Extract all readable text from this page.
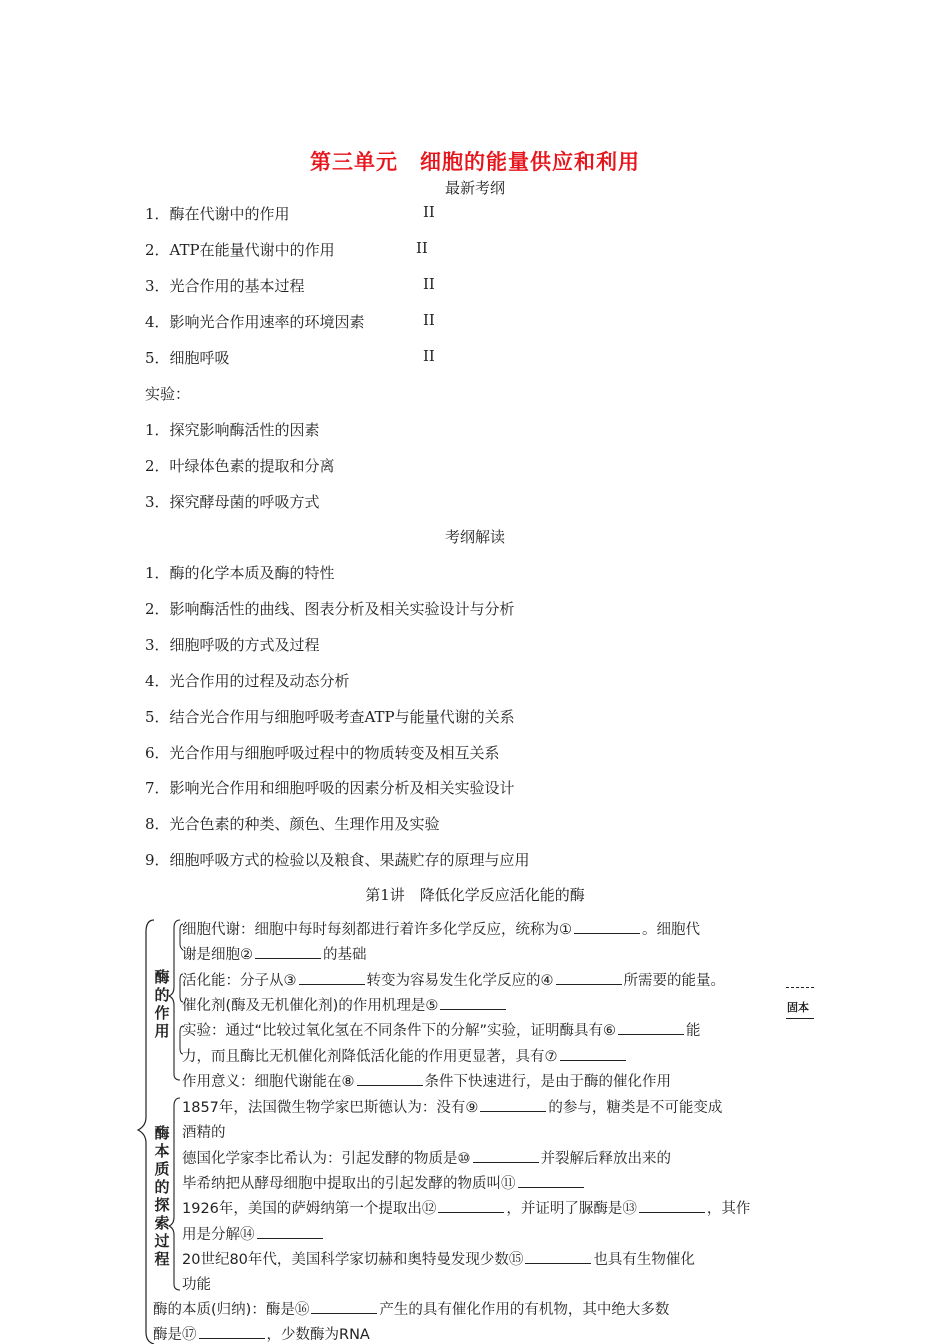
第三单元　细胞的能量供应和利用
最新考纲
1．酶在代谢中的作用	II
2．ATP在能量代谢中的作用	II
3．光合作用的基本过程	II
4．影响光合作用速率的环境因素	II
5．细胞呼吸	II
实验：
1．探究影响酶活性的因素
2．叶绿体色素的提取和分离
3．探究酵母菌的呼吸方式
考纲解读
1．酶的化学本质及酶的特性
2．影响酶活性的曲线、图表分析及相关实验设计与分析
3．细胞呼吸的方式及过程
4．光合作用的过程及动态分析
5．结合光合作用与细胞呼吸考查ATP与能量代谢的关系
6．光合作用与细胞呼吸过程中的物质转变及相互关系
7．影响光合作用和细胞呼吸的因素分析及相关实验设计
8．光合色素的种类、颜色、生理作用及实验
9．细胞呼吸方式的检验以及粮食、果蔬贮存的原理与应用
第1讲　降低化学反应活化能的酶
酶
的
作
用
酶
本
质
的
探
索
过
程
细胞代谢：细胞中每时每刻都进行着许多化学反应，统称为①	。细胞代
谢是细胞②	的基础
活化能：分子从③	转变为容易发生化学反应的④	所需要的能量。
催化剂(酶及无机催化剂)的作用机理是⑤
实验：通过“比较过氧化氢在不同条件下的分解”实验，证明酶具有⑥	能
力，而且酶比无机催化剂降低活化能的作用更显著，具有⑦
作用意义：细胞代谢能在⑧	条件下快速进行，是由于酶的催化作用
1857年，法国微生物学家巴斯德认为：没有⑨	的参与，糖类是不可能变成
酒精的
德国化学家李比希认为：引起发酵的物质是⑩	并裂解后释放出来的
毕希纳把从酵母细胞中提取出的引起发酵的物质叫⑪
1926年，美国的萨姆纳第一个提取出⑫	，并证明了脲酶是⑬	，其作
用是分解⑭
20世纪80年代，美国科学家切赫和奥特曼发现少数⑮	也具有生物催化
功能
酶的本质(归纳)：酶是⑯	产生的具有催化作用的有机物，其中绝大多数
酶是⑰	，少数酶为RNA
固本
